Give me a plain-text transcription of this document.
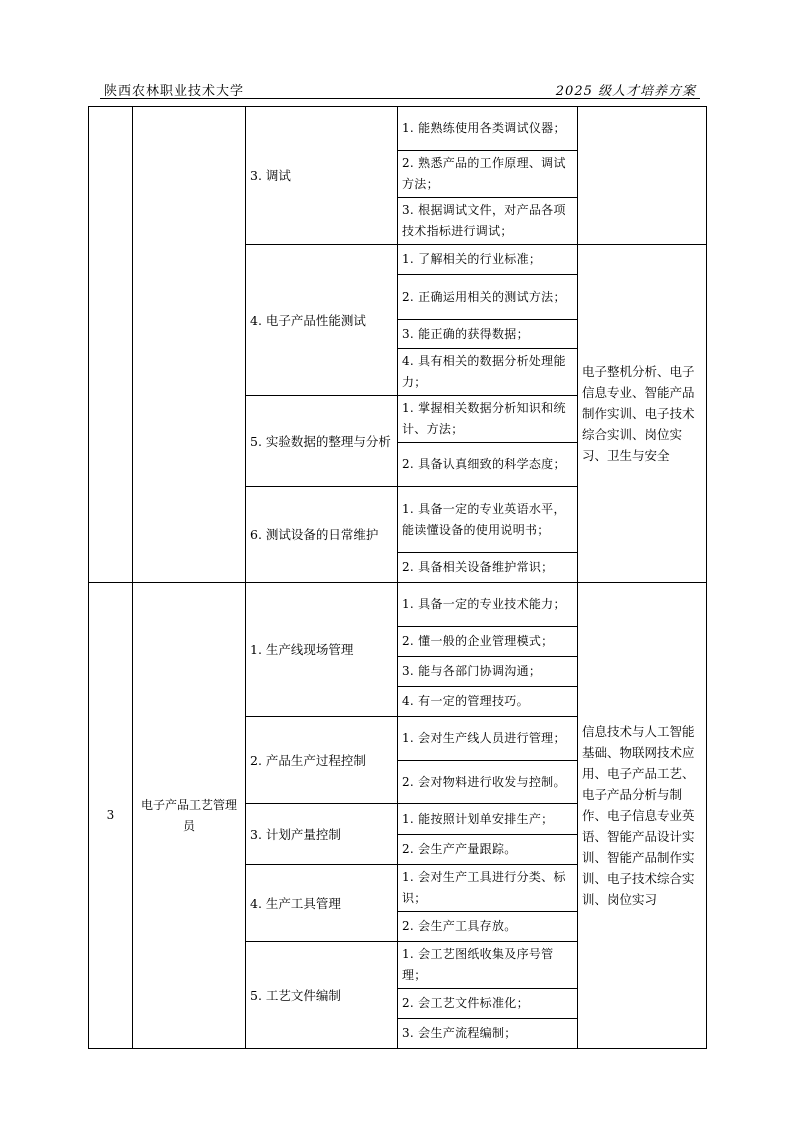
陕西农林职业技术大学	2025 级人才培养方案
		3. 调试	1. 能熟练使用各类调试仪器；	
			2. 熟悉产品的工作原理、调试方法；	
			3. 根据调试文件，对产品各项技术指标进行调试；	
		4. 电子产品性能测试	1. 了解相关的行业标准；	电子整机分析、电子信息专业、智能产品制作实训、电子技术综合实训、岗位实习、卫生与安全
			2. 正确运用相关的测试方法；	
			3. 能正确的获得数据；	
			4. 具有相关的数据分析处理能力；	
		5. 实验数据的整理与分析	1. 掌握相关数据分析知识和统计、方法；	
			2. 具备认真细致的科学态度；	
		6. 测试设备的日常维护	1. 具备一定的专业英语水平，能读懂设备的使用说明书；	
			2. 具备相关设备维护常识；	
3	电子产品工艺管理员	1. 生产线现场管理	1. 具备一定的专业技术能力；	信息技术与人工智能基础、物联网技术应用、电子产品工艺、电子产品分析与制作、电子信息专业英语、智能产品设计实训、智能产品制作实训、电子技术综合实训、岗位实习
			2. 懂一般的企业管理模式；	
			3. 能与各部门协调沟通；	
			4. 有一定的管理技巧。	
		2. 产品生产过程控制	1. 会对生产线人员进行管理；	
			2. 会对物料进行收发与控制。	
		3. 计划产量控制	1. 能按照计划单安排生产；	
			2. 会生产产量跟踪。	
		4. 生产工具管理	1. 会对生产工具进行分类、标识；	
			2. 会生产工具存放。	
		5. 工艺文件编制	1. 会工艺图纸收集及序号管理；	
			2. 会工艺文件标准化；	
			3. 会生产流程编制；	
